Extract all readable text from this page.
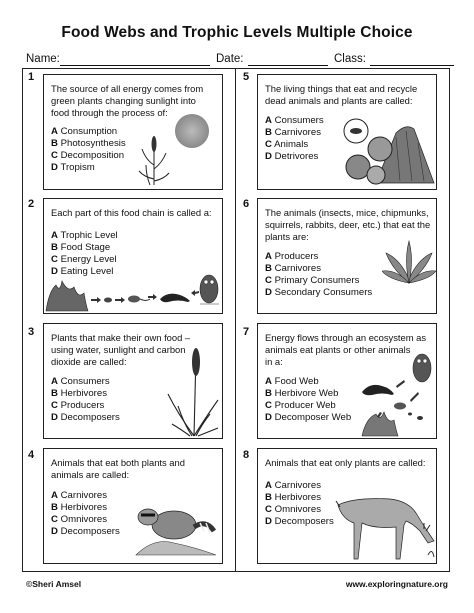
Food Webs and Trophic Levels Multiple Choice
Name:	Date:	Class:
1
2
3
4
5
6
7
8
The source of all energy comes from
green plants changing sunlight into
food through the process of:
A Consumption
B Photosynthesis
C Decomposition
D Tropism
Each part of this food chain is called a:
A Trophic Level
B Food Stage
C Energy Level
D Eating Level
Plants that make their own food –
using water, sunlight and carbon
dioxide are called:
A Consumers
B Herbivores
C Producers
D Decomposers
Animals that eat both plants and
animals are called:
A Carnivores
B Herbivores
C Omnivores
D Decomposers
The living things that eat and recycle
dead animals and plants are called:
A Consumers
B Carnivores
C Animals
D Detrivores
The animals (insects, mice, chipmunks,
squirrels, rabbits, deer, etc.) that eat the
plants are:
A Producers
B Carnivores
C Primary Consumers
D Secondary Consumers
Energy flows through an ecosystem as
animals eat plants or other animals
in a:
A Food Web
B Herbivore Web
C Producer Web
D Decomposer Web
Animals that eat only plants are called:
A Carnivores
B Herbivores
C Omnivores
D Decomposers
©Sheri Amsel	www.exploringnature.org
